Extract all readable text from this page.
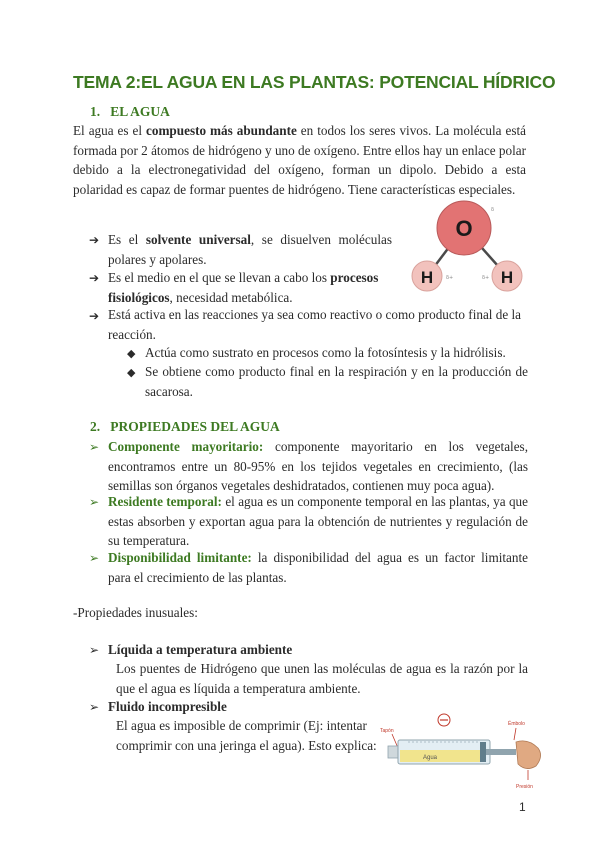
TEMA 2:EL AGUA EN LAS PLANTAS: POTENCIAL HÍDRICO
1. EL AGUA
El agua es el compuesto más abundante en todos los seres vivos. La molécula está formada por 2 átomos de hidrógeno y uno de oxígeno. Entre ellos hay un enlace polar debido a la electronegatividad del oxígeno, forman un dipolo. Debido a esta polaridad es capaz de formar puentes de hidrógeno. Tiene características especiales.
➔ Es el solvente universal, se disuelven moléculas polares y apolares.
➔ Es el medio en el que se llevan a cabo los procesos fisiológicos, necesidad metabólica.
➔ Está activa en las reacciones ya sea como reactivo o como producto final de la reacción.
◆ Actúa como sustrato en procesos como la fotosíntesis y la hidrólisis.
◆ Se obtiene como producto final en la respiración y en la producción de sacarosa.
O
H	H
δ
δ+	δ+
2. PROPIEDADES DEL AGUA
➢ Componente mayoritario: componente mayoritario en los vegetales, encontramos entre un 80-95% en los tejidos vegetales en crecimiento, (las semillas son órganos vegetales deshidratados, contienen muy poca agua).
➢ Residente temporal: el agua es un componente temporal en las plantas, ya que estas absorben y exportan agua para la obtención de nutrientes y regulación de su temperatura.
➢ Disponibilidad limitante: la disponibilidad del agua es un factor limitante para el crecimiento de las plantas.
-Propiedades inusuales:
➢ Líquida a temperatura ambiente
Los puentes de Hidrógeno que unen las moléculas de agua es la razón por la que el agua es líquida a temperatura ambiente.
➢ Fluido incompresible
El agua es imposible de comprimir (Ej: intentar comprimir con una jeringa el agua). Esto explica:
Tapón
Émbolo
Agua
Presión
1
